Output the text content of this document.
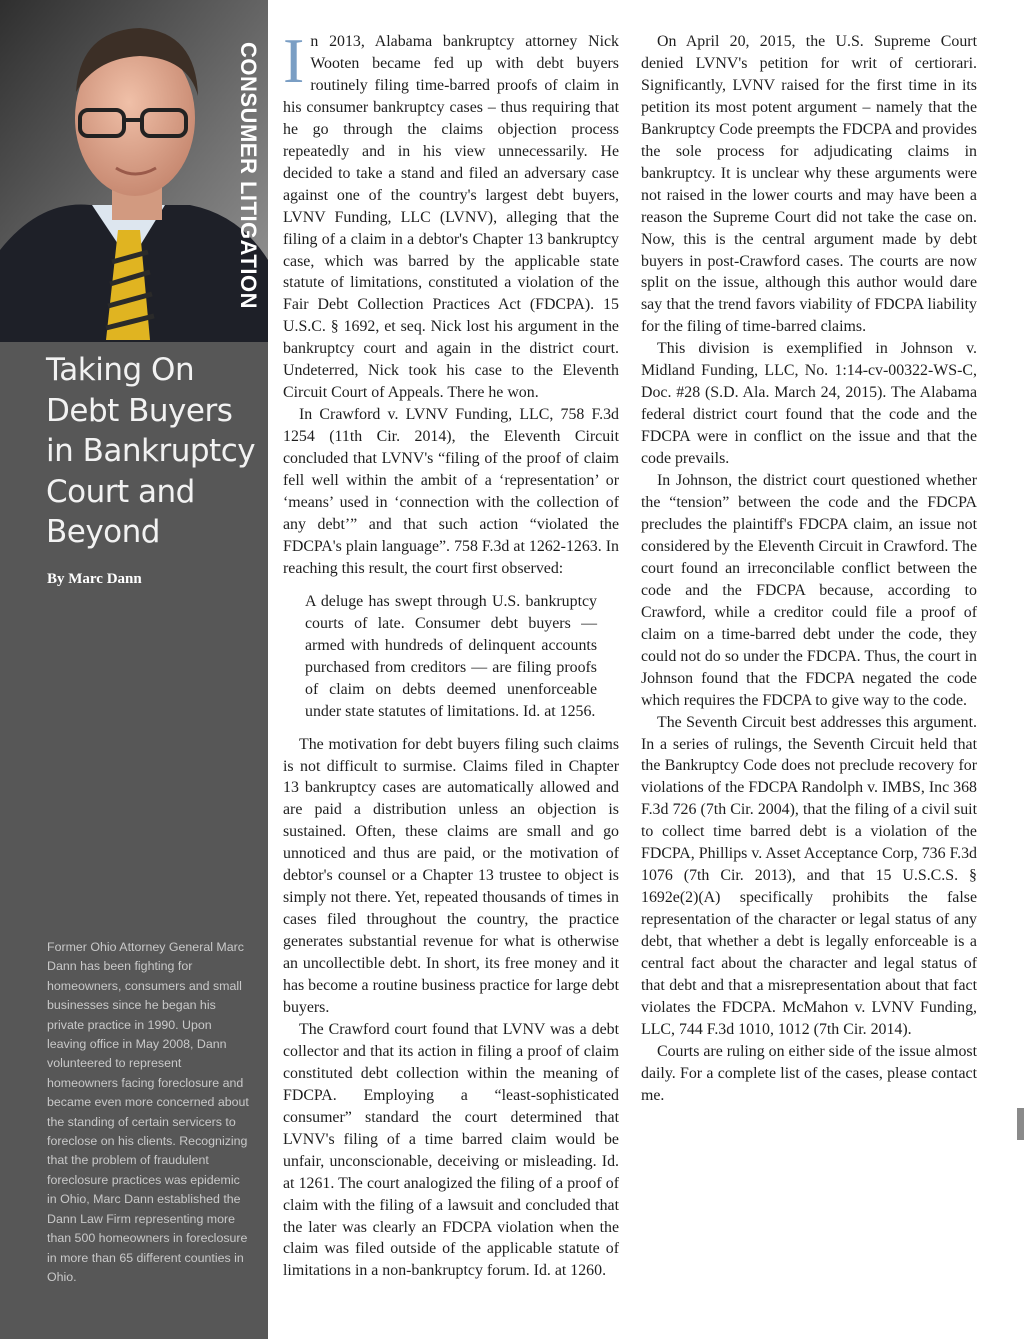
CONSUMER LITIGATION
Taking On Debt Buyers in Bankruptcy Court and Beyond
By Marc Dann

Former Ohio Attorney General Marc Dann has been fighting for homeowners, consumers and small businesses since he began his private practice in 1990. Upon leaving office in May 2008, Dann volunteered to represent homeowners facing foreclosure and became even more concerned about the standing of certain servicers to foreclose on his clients. Recognizing that the problem of fraudulent foreclosure practices was epidemic in Ohio, Marc Dann established the Dann Law Firm representing more than 500 homeowners in foreclosure in more than 65 different counties in Ohio.

In 2013, Alabama bankruptcy attorney Nick Wooten became fed up with debt buyers routinely filing time-barred proofs of claim in his consumer bankruptcy cases – thus requiring that he go through the claims objection process repeatedly and in his view unnecessarily. He decided to take a stand and filed an adversary case against one of the country's largest debt buyers, LVNV Funding, LLC (LVNV), alleging that the filing of a claim in a debtor's Chapter 13 bankruptcy case, which was barred by the applicable state statute of limitations, constituted a violation of the Fair Debt Collection Practices Act (FDCPA). 15 U.S.C. § 1692, et seq. Nick lost his argument in the bankruptcy court and again in the district court. Undeterred, Nick took his case to the Eleventh Circuit Court of Appeals. There he won.

In Crawford v. LVNV Funding, LLC, 758 F.3d 1254 (11th Cir. 2014), the Eleventh Circuit concluded that LVNV's “filing of the proof of claim fell well within the ambit of a ‘representation’ or ‘means’ used in ‘connection with the collection of any debt’” and that such action “violated the FDCPA's plain language”. 758 F.3d at 1262-1263. In reaching this result, the court first observed:

A deluge has swept through U.S. bankruptcy courts of late. Consumer debt buyers — armed with hundreds of delinquent accounts purchased from creditors — are filing proofs of claim on debts deemed unenforceable under state statutes of limitations. Id. at 1256.

The motivation for debt buyers filing such claims is not difficult to surmise. Claims filed in Chapter 13 bankruptcy cases are automatically allowed and are paid a distribution unless an objection is sustained. Often, these claims are small and go unnoticed and thus are paid, or the motivation of debtor's counsel or a Chapter 13 trustee to object is simply not there. Yet, repeated thousands of times in cases filed throughout the country, the practice generates substantial revenue for what is otherwise an uncollectible debt. In short, its free money and it has become a routine business practice for large debt buyers.

The Crawford court found that LVNV was a debt collector and that its action in filing a proof of claim constituted debt collection within the meaning of FDCPA. Employing a “least-sophisticated consumer” standard the court determined that LVNV's filing of a time barred claim would be unfair, unconscionable, deceiving or misleading. Id. at 1261. The court analogized the filing of a proof of claim with the filing of a lawsuit and concluded that the later was clearly an FDCPA violation when the claim was filed outside of the applicable statute of limitations in a non-bankruptcy forum. Id. at 1260.

On April 20, 2015, the U.S. Supreme Court denied LVNV's petition for writ of certiorari. Significantly, LVNV raised for the first time in its petition its most potent argument – namely that the Bankruptcy Code preempts the FDCPA and provides the sole process for adjudicating claims in bankruptcy. It is unclear why these arguments were not raised in the lower courts and may have been a reason the Supreme Court did not take the case on. Now, this is the central argument made by debt buyers in post-Crawford cases. The courts are now split on the issue, although this author would dare say that the trend favors viability of FDCPA liability for the filing of time-barred claims.

This division is exemplified in Johnson v. Midland Funding, LLC, No. 1:14-cv-00322-WS-C, Doc. #28 (S.D. Ala. March 24, 2015). The Alabama federal district court found that the code and the FDCPA were in conflict on the issue and that the code prevails.

In Johnson, the district court questioned whether the “tension” between the code and the FDCPA precludes the plaintiff's FDCPA claim, an issue not considered by the Eleventh Circuit in Crawford. The court found an irreconcilable conflict between the code and the FDCPA because, according to Crawford, while a creditor could file a proof of claim on a time-barred debt under the code, they could not do so under the FDCPA. Thus, the court in Johnson found that the FDCPA negated the code which requires the FDCPA to give way to the code.

The Seventh Circuit best addresses this argument. In a series of rulings, the Seventh Circuit held that the Bankruptcy Code does not preclude recovery for violations of the FDCPA Randolph v. IMBS, Inc 368 F.3d 726 (7th Cir. 2004), that the filing of a civil suit to collect time barred debt is a violation of the FDCPA, Phillips v. Asset Acceptance Corp, 736 F.3d 1076 (7th Cir. 2013), and that 15 U.S.C.S. § 1692e(2)(A) specifically prohibits the false representation of the character or legal status of any debt, that whether a debt is legally enforceable is a central fact about the character and legal status of that debt and that a misrepresentation about that fact violates the FDCPA. McMahon v. LVNV Funding, LLC, 744 F.3d 1010, 1012 (7th Cir. 2014).

Courts are ruling on either side of the issue almost daily. For a complete list of the cases, please contact me.
